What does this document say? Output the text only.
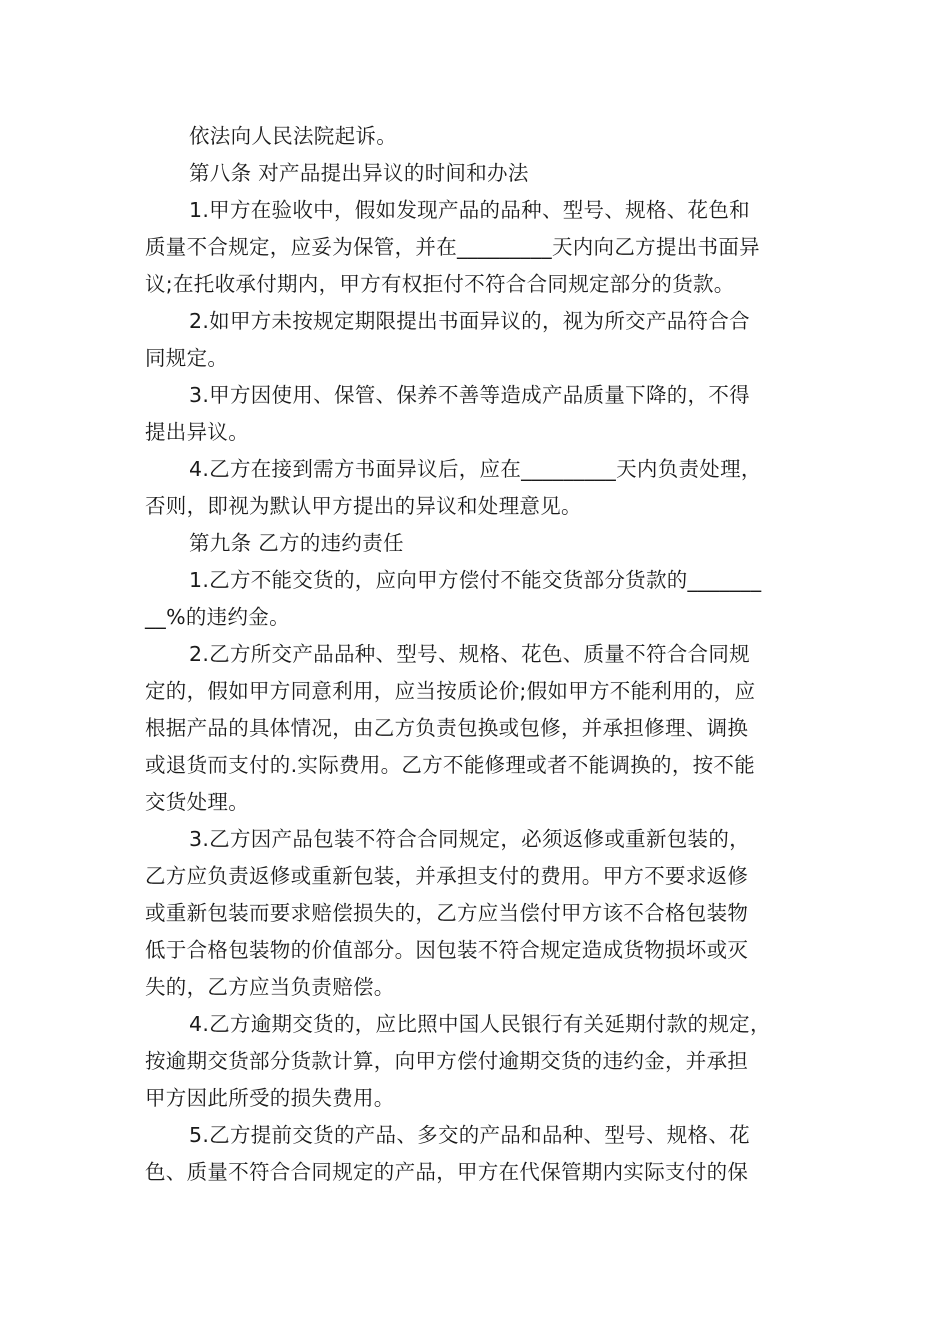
依法向人民法院起诉。
第八条 对产品提出异议的时间和办法
1.甲方在验收中，假如发现产品的品种、型号、规格、花色和
质量不合规定，应妥为保管，并在_________天内向乙方提出书面异
议;在托收承付期内，甲方有权拒付不符合合同规定部分的货款。
2.如甲方未按规定期限提出书面异议的，视为所交产品符合合
同规定。
3.甲方因使用、保管、保养不善等造成产品质量下降的，不得
提出异议。
4.乙方在接到需方书面异议后，应在_________天内负责处理，
否则，即视为默认甲方提出的异议和处理意见。
第九条 乙方的违约责任
1.乙方不能交货的，应向甲方偿付不能交货部分货款的_______
__%的违约金。
2.乙方所交产品品种、型号、规格、花色、质量不符合合同规
定的，假如甲方同意利用，应当按质论价;假如甲方不能利用的，应
根据产品的具体情况，由乙方负责包换或包修，并承担修理、调换
或退货而支付的.实际费用。乙方不能修理或者不能调换的，按不能
交货处理。
3.乙方因产品包装不符合合同规定，必须返修或重新包装的，
乙方应负责返修或重新包装，并承担支付的费用。甲方不要求返修
或重新包装而要求赔偿损失的，乙方应当偿付甲方该不合格包装物
低于合格包装物的价值部分。因包装不符合规定造成货物损坏或灭
失的，乙方应当负责赔偿。
4.乙方逾期交货的，应比照中国人民银行有关延期付款的规定，
按逾期交货部分货款计算，向甲方偿付逾期交货的违约金，并承担
甲方因此所受的损失费用。
5.乙方提前交货的产品、多交的产品和品种、型号、规格、花
色、质量不符合合同规定的产品，甲方在代保管期内实际支付的保
